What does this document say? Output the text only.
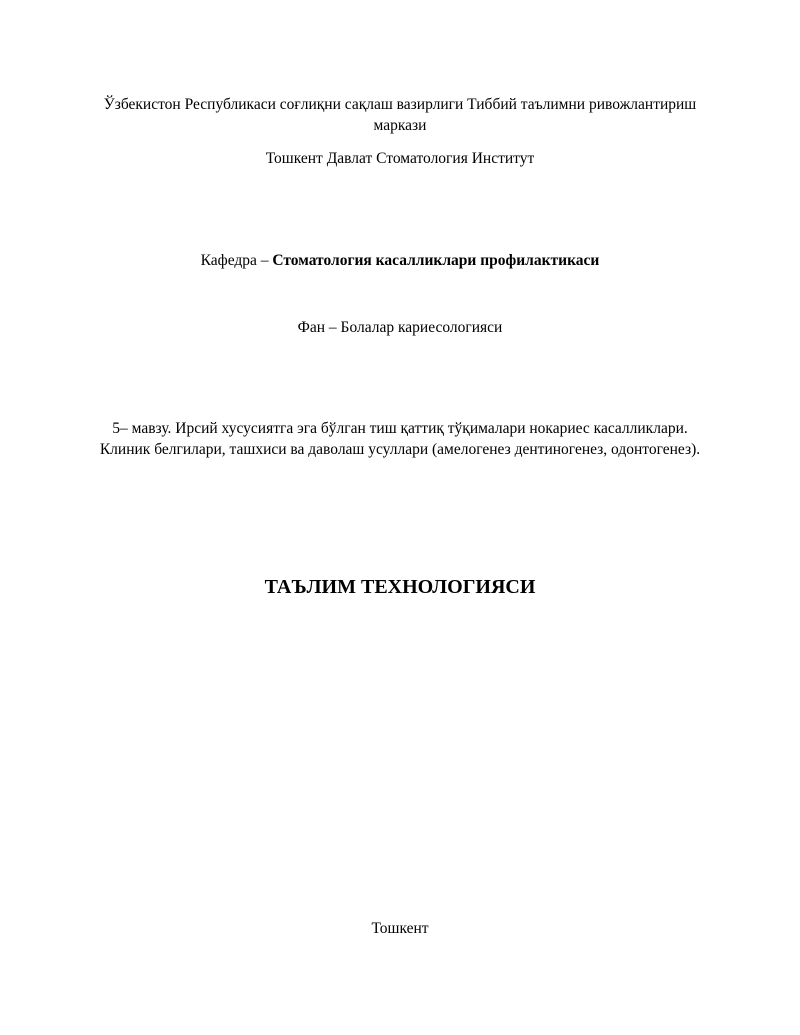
Ўзбекистон Республикаси соғлиқни сақлаш вазирлиги Тиббий таълимни ривожлантириш маркази

Тошкент Давлат Стоматология Институт

Кафедра – Стоматология касалликлари профилактикаси

Фан – Болалар кариесологияси

5– мавзу. Ирсий хусусиятга эга бўлган тиш қаттиқ тўқималари нокариес касалликлари.
Клиник белгилари, ташхиси ва даволаш усуллари (амелогенез дентиногенез, одонтогенез).
ТАЪЛИМ ТЕХНОЛОГИЯСИ

Тошкент
